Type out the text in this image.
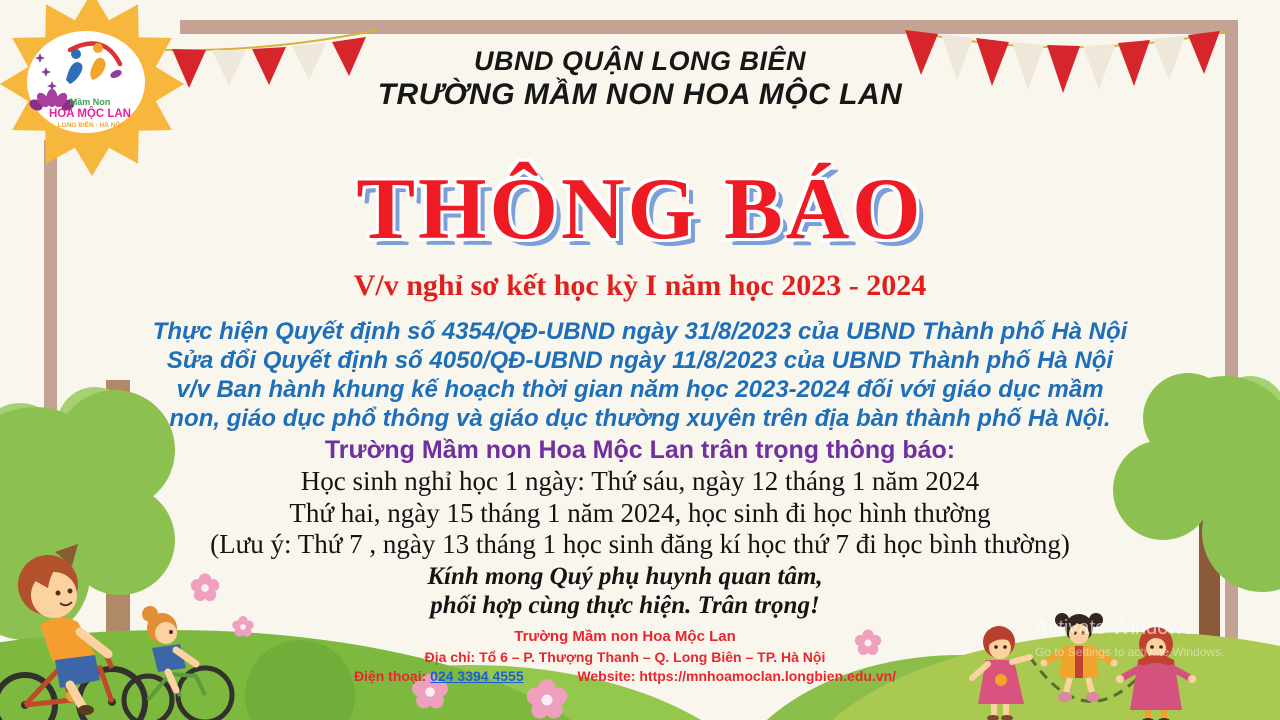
Mầm Non
HOA MỘC LAN
LONG BIÊN - HÀ NỘI
UBND QUẬN LONG BIÊN
TRƯỜNG MẦM NON HOA MỘC LAN
THÔNG BÁO
V/v nghỉ sơ kết học kỳ I năm học 2023 - 2024
Thực hiện Quyết định số 4354/QĐ-UBND ngày 31/8/2023 của UBND Thành phố Hà Nội
Sửa đổi Quyết định số 4050/QĐ-UBND ngày 11/8/2023 của UBND Thành phố Hà Nội
v/v Ban hành khung kế hoạch thời gian năm học 2023-2024 đối với giáo dục mầm
non, giáo dục phổ thông và giáo dục thường xuyên trên địa bàn thành phố Hà Nội.
Trường Mầm non Hoa Mộc Lan trân trọng thông báo:
Học sinh nghỉ học 1 ngày: Thứ sáu, ngày 12 tháng 1 năm 2024
Thứ hai, ngày 15 tháng 1 năm 2024, học sinh đi học hình thường
(Lưu ý: Thứ 7 , ngày 13 tháng 1 học sinh đăng kí học thứ 7 đi học bình thường)
Kính mong Quý phụ huynh quan tâm,
phối hợp cùng thực hiện. Trân trọng!
Trường Mầm non Hoa Mộc Lan
Địa chỉ: Tổ 6 – P. Thượng Thanh – Q. Long Biên – TP. Hà Nội
Điện thoại: 024 3394 4555	Website: https://mnhoamoclan.longbien.edu.vn/
Activate Windows
Go to Settings to activate Windows.
